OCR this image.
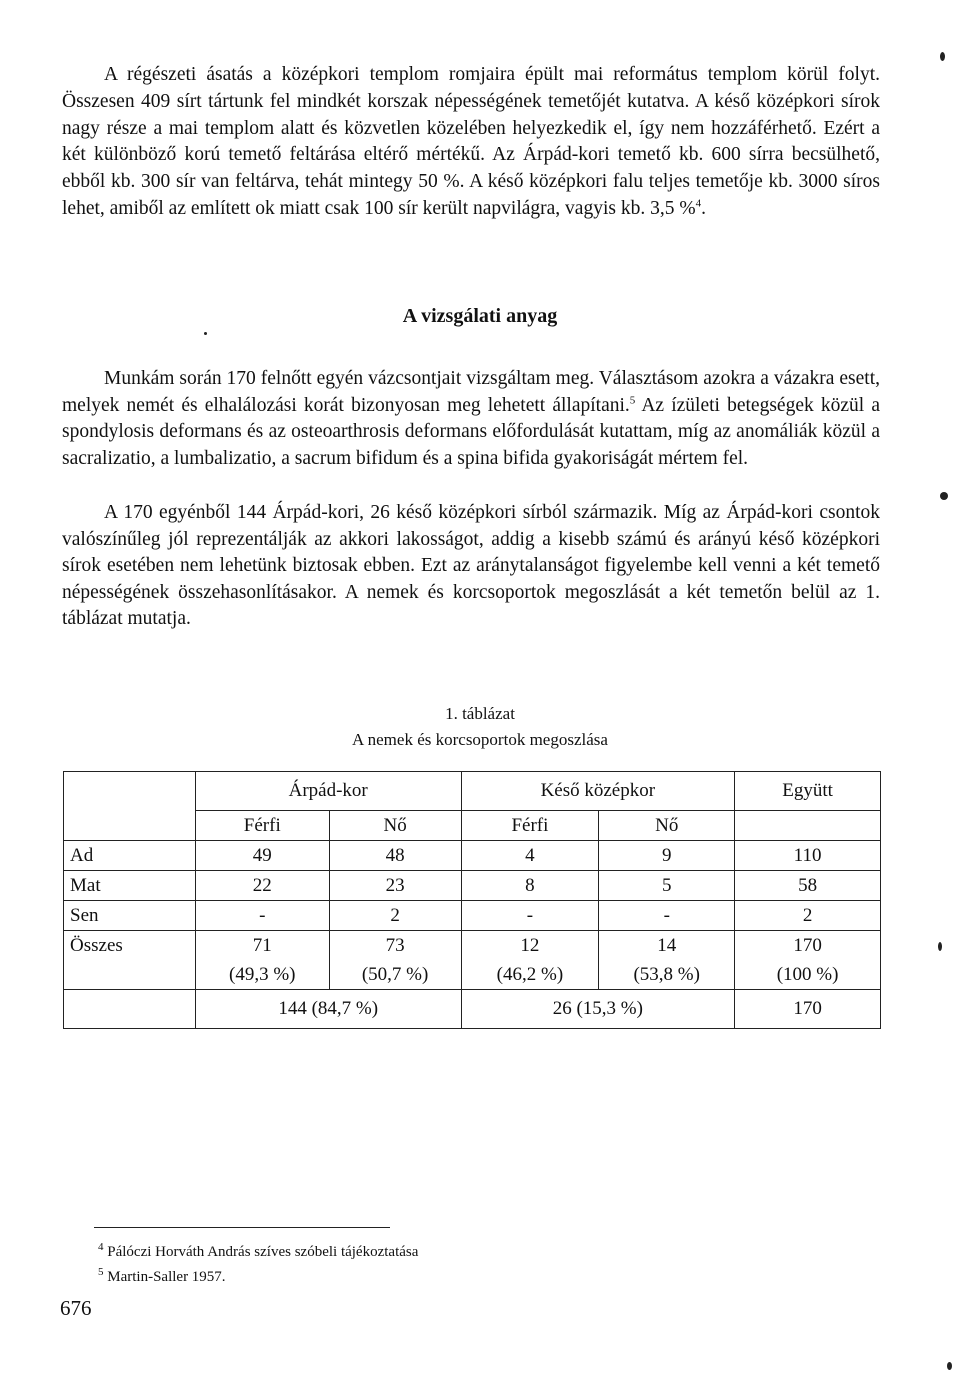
A régészeti ásatás a középkori templom romjaira épült mai református templom körül folyt. Összesen 409 sírt tártunk fel mindkét korszak népességének temetőjét kutatva. A késő középkori sírok nagy része a mai templom alatt és közvetlen közelében helyezkedik el, így nem hozzáférhető. Ezért a két különböző korú temető feltárása eltérő mértékű. Az Árpád-kori temető kb. 600 sírra becsülhető, ebből kb. 300 sír van feltárva, tehát mintegy 50 %. A késő középkori falu teljes temetője kb. 3000 síros lehet, amiből az említett ok miatt csak 100 sír került napvilágra, vagyis kb. 3,5 %$^4$.

A vizsgálati anyag

Munkám során 170 felnőtt egyén vázcsontjait vizsgáltam meg. Választásom azokra a vázakra esett, melyek nemét és elhalálozási korát bizonyosan meg lehetett állapítani.$^5$ Az ízületi betegségek közül a spondylosis deformans és az osteoarthrosis deformans előfordulását kutattam, míg az anomáliák közül a sacralizatio, a lumbalizatio, a sacrum bifidum és a spina bifida gyakoriságát mértem fel.

A 170 egyénből 144 Árpád-kori, 26 késő középkori sírból származik. Míg az Árpád-kori csontok valószínűleg jól reprezentálják az akkori lakosságot, addig a kisebb számú és arányú késő középkori sírok esetében nem lehetünk biztosak ebben. Ezt az aránytalanságot figyelembe kell venni a két temető népességének összehasonlításakor. A nemek és korcsoportok megoszlását a két temetőn belül az 1. táblázat mutatja.

1. táblázat

A nemek és korcsoportok megoszlása

	Árpád-kor		Késő középkor		Együtt
	Férfi	Nő	Férfi	Nő	
Ad	49	48	4	9	110
Mat	22	23	8	5	58
Sen	-	2	-	-	2
Összes	71	73	12	14	170
	(49,3 %)	(50,7 %)	(46,2 %)	(53,8 %)	(100 %)
	144 (84,7 %)		26 (15,3 %)		170
$^4$ Pálóczi Horváth András szíves szóbeli tájékoztatása
$^5$ Martin-Saller 1957.
676
